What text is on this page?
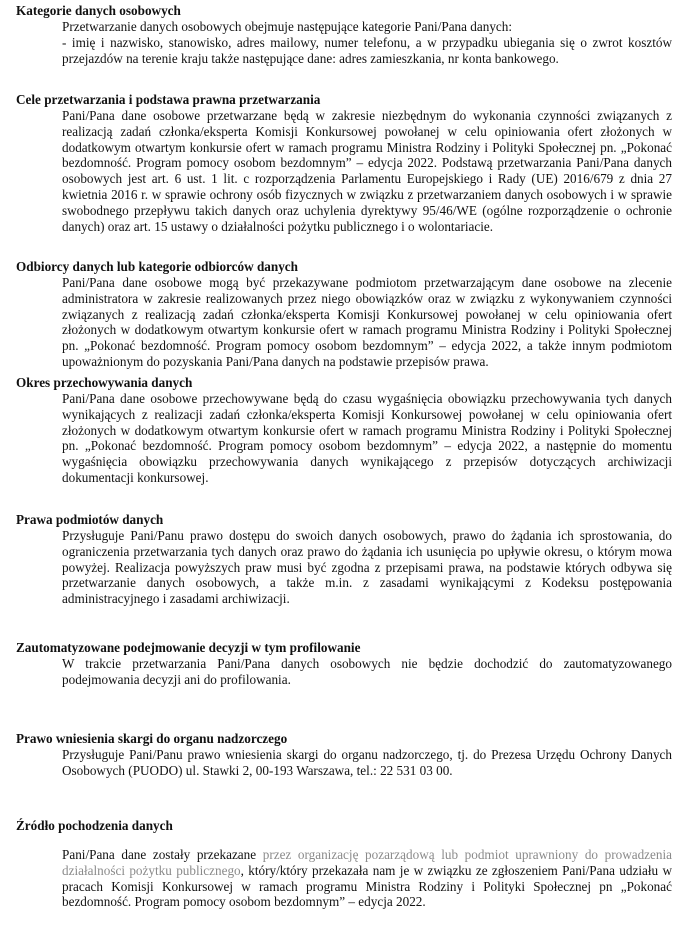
Kategorie danych osobowych

Przetwarzanie danych osobowych obejmuje następujące kategorie Pani/Pana danych:

- imię i nazwisko, stanowisko, adres mailowy, numer telefonu, a w przypadku ubiegania się o zwrot kosztów przejazdów na terenie kraju także następujące dane: adres zamieszkania, nr konta bankowego.

Cele przetwarzania i podstawa prawna przetwarzania

Pani/Pana dane osobowe przetwarzane będą w zakresie niezbędnym do wykonania czynności związanych z realizacją zadań członka/eksperta Komisji Konkursowej powołanej w celu opiniowania ofert złożonych w dodatkowym otwartym konkursie ofert w ramach programu Ministra Rodziny i Polityki Społecznej pn. „Pokonać bezdomność. Program pomocy osobom bezdomnym” – edycja 2022. Podstawą przetwarzania Pani/Pana danych osobowych jest art. 6 ust. 1 lit. c rozporządzenia Parlamentu Europejskiego i Rady (UE) 2016/679 z dnia 27 kwietnia 2016 r. w sprawie ochrony osób fizycznych w związku z przetwarzaniem danych osobowych i w sprawie swobodnego przepływu takich danych oraz uchylenia dyrektywy 95/46/WE (ogólne rozporządzenie o ochronie danych) oraz art. 15 ustawy o działalności pożytku publicznego i o wolontariacie.

Odbiorcy danych lub kategorie odbiorców danych

Pani/Pana dane osobowe mogą być przekazywane podmiotom przetwarzającym dane osobowe na zlecenie administratora w zakresie realizowanych przez niego obowiązków oraz w związku z wykonywaniem czynności związanych z realizacją zadań członka/eksperta Komisji Konkursowej powołanej w celu opiniowania ofert złożonych w dodatkowym otwartym konkursie ofert w ramach programu Ministra Rodziny i Polityki Społecznej pn. „Pokonać bezdomność. Program pomocy osobom bezdomnym” – edycja 2022, a także innym podmiotom upoważnionym do pozyskania Pani/Pana danych na podstawie przepisów prawa.

Okres przechowywania danych

Pani/Pana dane osobowe przechowywane będą do czasu wygaśnięcia obowiązku przechowywania tych danych wynikających z realizacji zadań członka/eksperta Komisji Konkursowej powołanej w celu opiniowania ofert złożonych w dodatkowym otwartym konkursie ofert w ramach programu Ministra Rodziny i Polityki Społecznej pn. „Pokonać bezdomność. Program pomocy osobom bezdomnym” – edycja 2022, a następnie do momentu wygaśnięcia obowiązku przechowywania danych wynikającego z przepisów dotyczących archiwizacji dokumentacji konkursowej.

Prawa podmiotów danych

Przysługuje Pani/Panu prawo dostępu do swoich danych osobowych, prawo do żądania ich sprostowania, do ograniczenia przetwarzania tych danych oraz prawo do żądania ich usunięcia po upływie okresu, o którym mowa powyżej. Realizacja powyższych praw musi być zgodna z przepisami prawa, na podstawie których odbywa się przetwarzanie danych osobowych, a także m.in. z zasadami wynikającymi z Kodeksu postępowania administracyjnego i zasadami archiwizacji.

Zautomatyzowane podejmowanie decyzji w tym profilowanie

W trakcie przetwarzania Pani/Pana danych osobowych nie będzie dochodzić do zautomatyzowanego podejmowania decyzji ani do profilowania.

Prawo wniesienia skargi do organu nadzorczego

Przysługuje Pani/Panu prawo wniesienia skargi do organu nadzorczego, tj. do Prezesa Urzędu Ochrony Danych Osobowych (PUODO) ul. Stawki 2, 00-193 Warszawa, tel.: 22 531 03 00.

Źródło pochodzenia danych

Pani/Pana dane zostały przekazane przez organizację pozarządową lub podmiot uprawniony do prowadzenia działalności pożytku publicznego, który/który przekazała nam je w związku ze zgłoszeniem Pani/Pana udziału w pracach Komisji Konkursowej w ramach programu Ministra Rodziny i Polityki Społecznej pn „Pokonać bezdomność. Program pomocy osobom bezdomnym” – edycja 2022.
